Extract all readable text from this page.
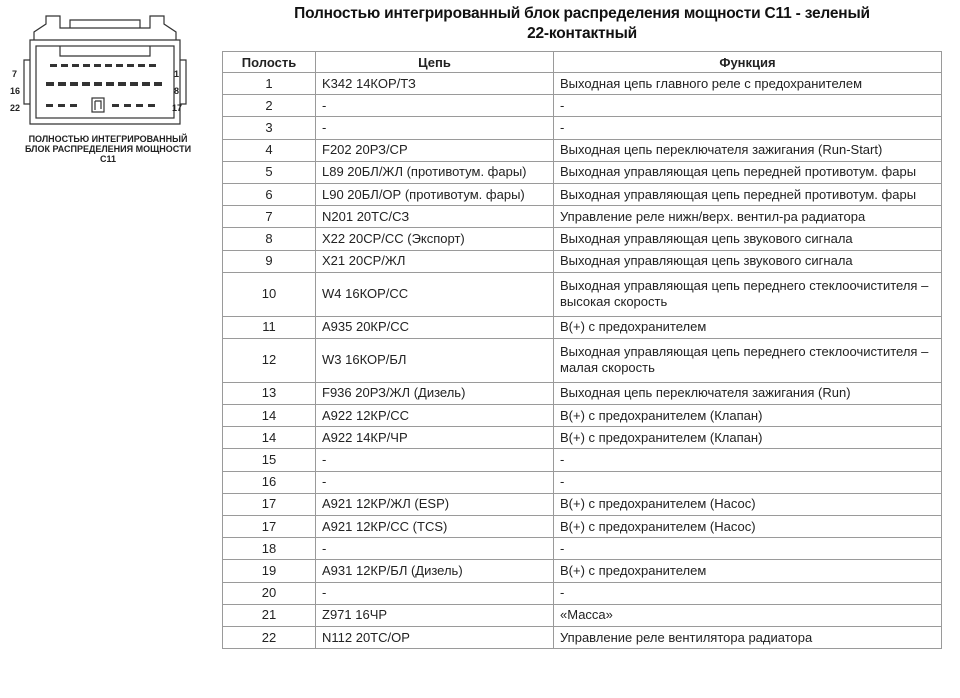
Полностью интегрированный блок распределения мощности С11 - зеленый
22-контактный
7
16
22
1
8
17
ПОЛНОСТЬЮ ИНТЕГРИРОВАННЫЙ
БЛОК РАСПРЕДЕЛЕНИЯ МОЩНОСТИ
С11
Полость	Цепь	Функция
1	K342 14КОР/ТЗ	Выходная цепь главного реле с предохранителем
2	-	-
3	-	-
4	F202 20РЗ/СР	Выходная цепь переключателя зажигания (Run-Start)
5	L89 20БЛ/ЖЛ (противотум. фары)	Выходная управляющая цепь передней противотум. фары
6	L90 20БЛ/ОР (противотум. фары)	Выходная управляющая цепь передней противотум. фары
7	N201 20ТС/СЗ	Управление реле нижн/верх. вентил-ра радиатора
8	X22 20СР/СС (Экспорт)	Выходная управляющая цепь звукового сигнала
9	X21 20СР/ЖЛ	Выходная управляющая цепь звукового сигнала
10	W4 16КОР/СС	Выходная управляющая цепь переднего стеклоочистителя – высокая скорость
11	A935 20КР/СС	В(+) с предохранителем
12	W3 16КОР/БЛ	Выходная управляющая цепь переднего стеклоочистителя – малая скорость
13	F936 20РЗ/ЖЛ (Дизель)	Выходная цепь переключателя зажигания (Run)
14	A922 12КР/СС	В(+) с предохранителем (Клапан)
14	A922 14КР/ЧР	В(+) с предохранителем (Клапан)
15	-	-
16	-	-
17	A921 12КР/ЖЛ (ESP)	В(+) с предохранителем (Насос)
17	A921 12КР/СС (TCS)	В(+) с предохранителем (Насос)
18	-	-
19	A931 12КР/БЛ (Дизель)	В(+) с предохранителем
20	-	-
21	Z971 16ЧР	«Масса»
22	N112 20ТС/ОР	Управление реле вентилятора радиатора
